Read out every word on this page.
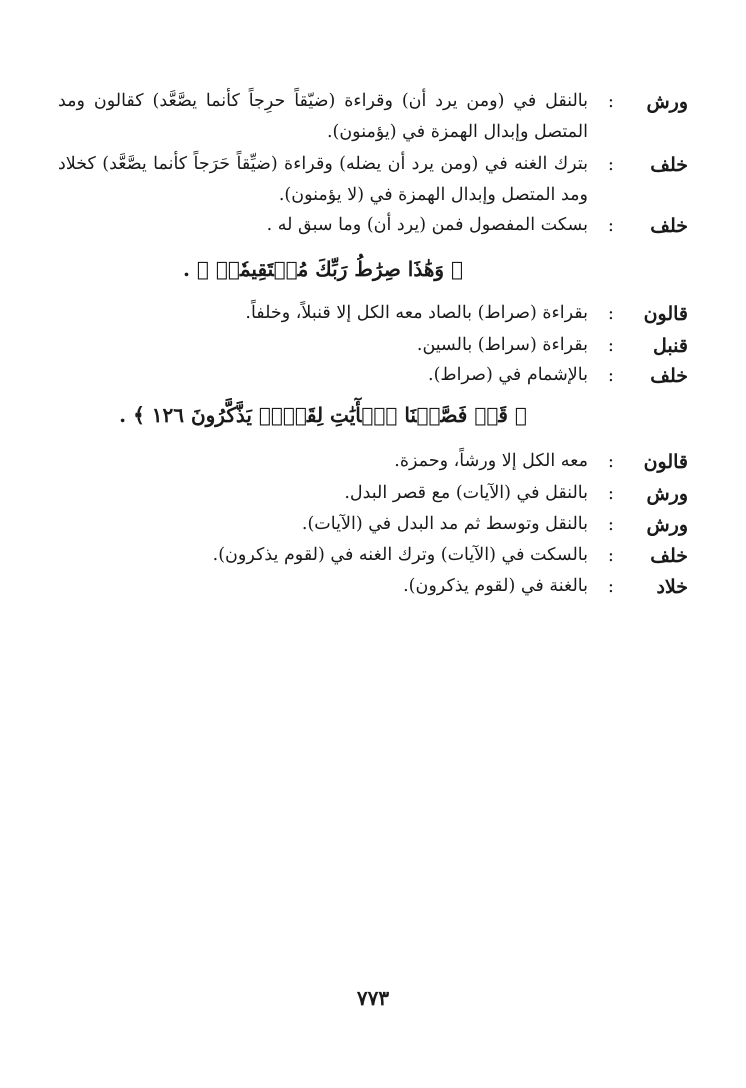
ورش
:
بالنقل في (ومن يرد أن) وقراءة (ضيّقاً حرِجاً كأنما يصَّعَّد) كقالون ومد المتصل وإبدال الهمزة في (يؤمنون).
خلف
:
بترك الغنه في (ومن يرد أن يضله) وقراءة (ضيِّقاً حَرَجاً كأنما يصَّعَّد) كخلاد ومد المتصل وإبدال الهمزة في (لا يؤمنون).
خلف
:
بسكت المفصول فمن (يرد أن) وما سبق له .
﴿ وَهَٰذَا صِرَٰطُ رَبِّكَ مُسۡتَقِيمٗاۗ ﴾ .
قالون
:
بقراءة (صراط) بالصاد معه الكل إلا قنبلاً، وخلفاً.
قنبل
:
بقراءة (سراط) بالسين.
خلف
:
بالإشمام في (صراط).
﴿ قَدۡ فَصَّلۡنَا ٱلۡأٓيَٰتِ لِقَوۡمٖ يَذَّكَّرُونَ ١٢٦ ﴾ .
قالون
:
معه الكل إلا ورشاً، وحمزة.
ورش
:
بالنقل في (الآيات) مع قصر البدل.
ورش
:
بالنقل وتوسط ثم مد البدل في (الآيات).
خلف
:
بالسكت في (الآيات) وترك الغنه في (لقوم يذكرون).
خلاد
:
بالغنة في (لقوم يذكرون).
٧٧٣
